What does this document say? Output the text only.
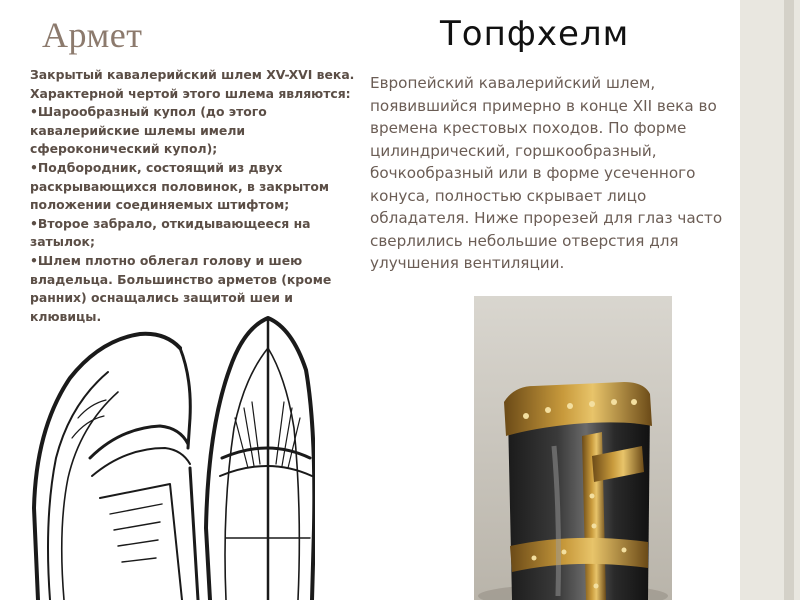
Армет	Топфхелм

Закрытый кавалерийский шлем XV-XVI века. Характерной чертой этого шлема являются:

•Шарообразный купол (до этого кавалерийские шлемы имели сфероконический купол);

•Подбородник, состоящий из двух раскрывающихся половинок, в закрытом положении соединяемых штифтом;

•Второе забрало, откидывающееся на затылок;

•Шлем плотно облегал голову и шею владельца. Большинство арметов (кроме ранних) оснащались защитой шеи и клювицы.

Европейский кавалерийский шлем, появившийся примерно в конце XII века во времена крестовых походов. По форме цилиндрический, горшкообразный, бочкообразный или в форме усеченного конуса, полностью скрывает лицо обладателя. Ниже прорезей для глаз часто сверлились небольшие отверстия для улучшения вентиляции.
